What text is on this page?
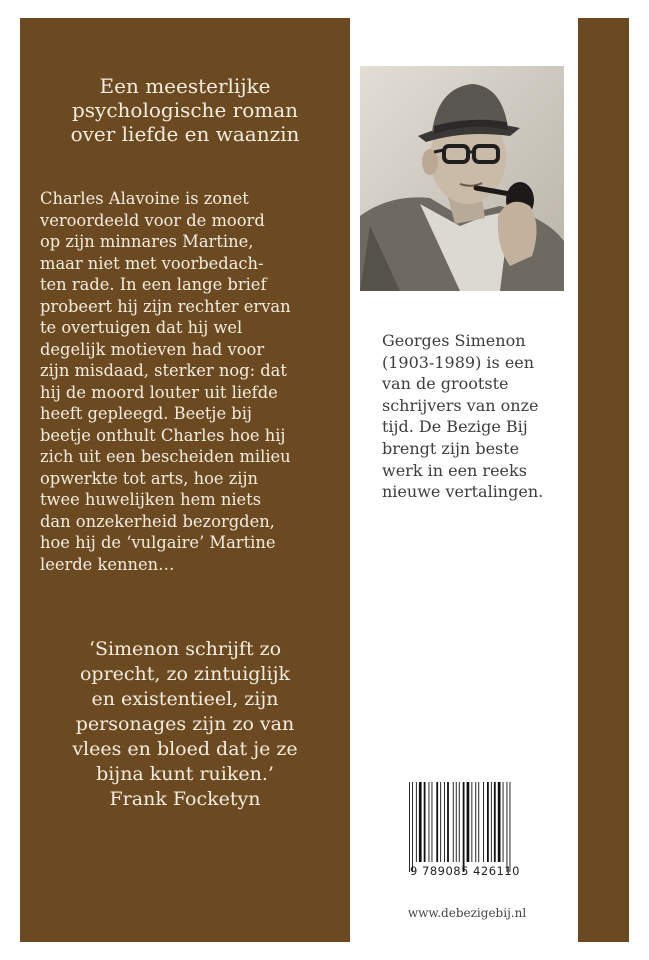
Een meesterlijke
psychologische roman
over liefde en waanzin

Charles Alavoine is zonet
veroordeeld voor de moord
op zijn minnares Martine,
maar niet met voorbedach-
ten rade. In een lange brief
probeert hij zijn rechter ervan
te overtuigen dat hij wel
degelijk motieven had voor
zijn misdaad, sterker nog: dat
hij de moord louter uit liefde
heeft gepleegd. Beetje bij
beetje onthult Charles hoe hij
zich uit een bescheiden milieu
opwerkte tot arts, hoe zijn
twee huwelijken hem niets
dan onzekerheid bezorgden,
hoe hij de ‘vulgaire’ Martine
leerde kennen…

‘Simenon schrijft zo
oprecht, zo zintuiglijk
en existentieel, zijn
personages zijn zo van
vlees en bloed dat je ze
bijna kunt ruiken.’
Frank Focketyn

Georges Simenon
(1903-1989) is een
van de grootste
schrijvers van onze
tijd. De Bezige Bij
brengt zijn beste
werk in een reeks
nieuwe vertalingen.

9 789085 426110
www.debezigebij.nl
